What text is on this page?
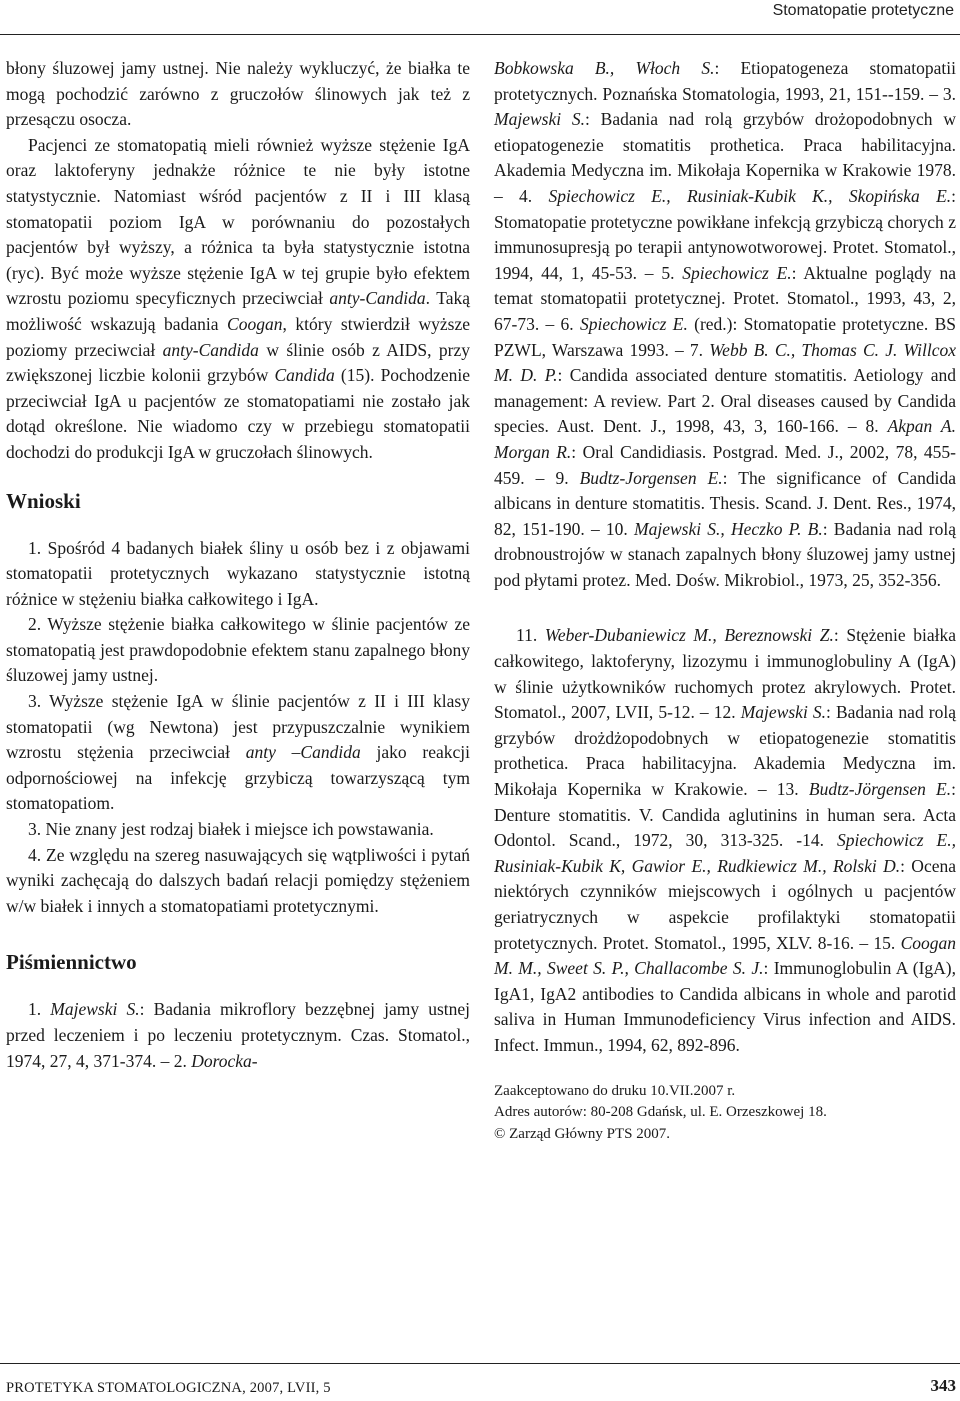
Stomatopatie protetyczne

błony śluzowej jamy ustnej. Nie należy wykluczyć, że białka te mogą pochodzić zarówno z gruczołów ślinowych jak też z przesączu osocza.

Pacjenci ze stomatopatią mieli również wyższe stężenie IgA oraz laktoferyny jednakże różnice te nie były istotne statystycznie. Natomiast wśród pacjentów z II i III klasą stomatopatii poziom IgA w porównaniu do pozostałych pacjentów był wyższy, a różnica ta była statystycznie istotna (ryc). Być może wyższe stężenie IgA w tej grupie było efektem wzrostu poziomu specyficznych przeciwciał anty-Candida. Taką możliwość wskazują badania Coogan, który stwierdził wyższe poziomy przeciwciał anty-Candida w ślinie osób z AIDS, przy zwiększonej liczbie kolonii grzybów Candida (15). Pochodzenie przeciwciał IgA u pacjentów ze stomatopatiami nie zostało jak dotąd określone. Nie wiadomo czy w przebiegu stomatopatii dochodzi do produkcji IgA w gruczołach ślinowych.

Wnioski

1. Spośród 4 badanych białek śliny u osób bez i z objawami stomatopatii protetycznych wykazano statystycznie istotną różnice w stężeniu białka całkowitego i IgA.

2. Wyższe stężenie białka całkowitego w ślinie pacjentów ze stomatopatią jest prawdopodobnie efektem stanu zapalnego błony śluzowej jamy ustnej.

3. Wyższe stężenie IgA w ślinie pacjentów z II i III klasy stomatopatii (wg Newtona) jest przypuszczalnie wynikiem wzrostu stężenia przeciwciał anty –Candida jako reakcji odpornościowej na infekcję grzybiczą towarzyszącą tym stomatopatiom.

3. Nie znany jest rodzaj białek i miejsce ich powstawania.

4. Ze względu na szereg nasuwających się wątpliwości i pytań wyniki zachęcają do dalszych badań relacji pomiędzy stężeniem w/w białek i innych a stomatopatiami protetycznymi.

Piśmiennictwo

1. Majewski S.: Badania mikroflory bezzębnej jamy ustnej przed leczeniem i po leczeniu protetycznym. Czas. Stomatol., 1974, 27, 4, 371-374. – 2. Dorocka-

Bobkowska B., Włoch S.: Etiopatogeneza stomatopatii protetycznych. Poznańska Stomatologia, 1993, 21, 151--159. – 3. Majewski S.: Badania nad rolą grzybów drożopodobnych w etiopatogenezie stomatitis prothetica. Praca habilitacyjna. Akademia Medyczna im. Mikołaja Kopernika w Krakowie 1978. – 4. Spiechowicz E., Rusiniak-Kubik K., Skopińska E.: Stomatopatie protetyczne powikłane infekcją grzybiczą chorych z immunosupresją po terapii antynowotworowej. Protet. Stomatol., 1994, 44, 1, 45-53. – 5. Spiechowicz E.: Aktualne poglądy na temat stomatopatii protetycznej. Protet. Stomatol., 1993, 43, 2, 67-73. – 6. Spiechowicz E. (red.): Stomatopatie protetyczne. BS PZWL, Warszawa 1993. – 7. Webb B. C., Thomas C. J. Willcox M. D. P.: Candida associated denture stomatitis. Aetiology and management: A review. Part 2. Oral diseases caused by Candida species. Aust. Dent. J., 1998, 43, 3, 160-166. – 8. Akpan A. Morgan R.: Oral Candidiasis. Postgrad. Med. J., 2002, 78, 455-459. – 9. Budtz-Jorgensen E.: The significance of Candida albicans in denture stomatitis. Thesis. Scand. J. Dent. Res., 1974, 82, 151-190. – 10. Majewski S., Heczko P. B.: Badania nad rolą drobnoustrojów w stanach zapalnych błony śluzowej jamy ustnej pod płytami protez. Med. Dośw. Mikrobiol., 1973, 25, 352-356.

11. Weber-Dubaniewicz M., Bereznowski Z.: Stężenie białka całkowitego, laktoferyny, lizozymu i immunoglobuliny A (IgA) w ślinie użytkowników ruchomych protez akrylowych. Protet. Stomatol., 2007, LVII, 5-12. – 12. Majewski S.: Badania nad rolą grzybów drożdżopodobnych w etiopatogenezie stomatitis prothetica. Praca habilitacyjna. Akademia Medyczna im. Mikołaja Kopernika w Krakowie. – 13. Budtz-Jörgensen E.: Denture stomatitis. V. Candida aglutinins in human sera. Acta Odontol. Scand., 1972, 30, 313-325. -14. Spiechowicz E., Rusiniak-Kubik K, Gawior E., Rudkiewicz M., Rolski D.: Ocena niektórych czynników miejscowych i ogólnych u pacjentów geriatrycznych w aspekcie profilaktyki stomatopatii protetycznych. Protet. Stomatol., 1995, XLV. 8-16. – 15. Coogan M. M., Sweet S. P., Challacombe S. J.: Immunoglobulin A (IgA), IgA1, IgA2 antibodies to Candida albicans in whole and parotid saliva in Human Immunodeficiency Virus infection and AIDS. Infect. Immun., 1994, 62, 892-896.

Zaakceptowano do druku 10.VII.2007 r.

Adres autorów: 80-208 Gdańsk, ul. E. Orzeszkowej 18.

© Zarząd Główny PTS 2007.

PROTETYKA STOMATOLOGICZNA, 2007, LVII, 5	343
